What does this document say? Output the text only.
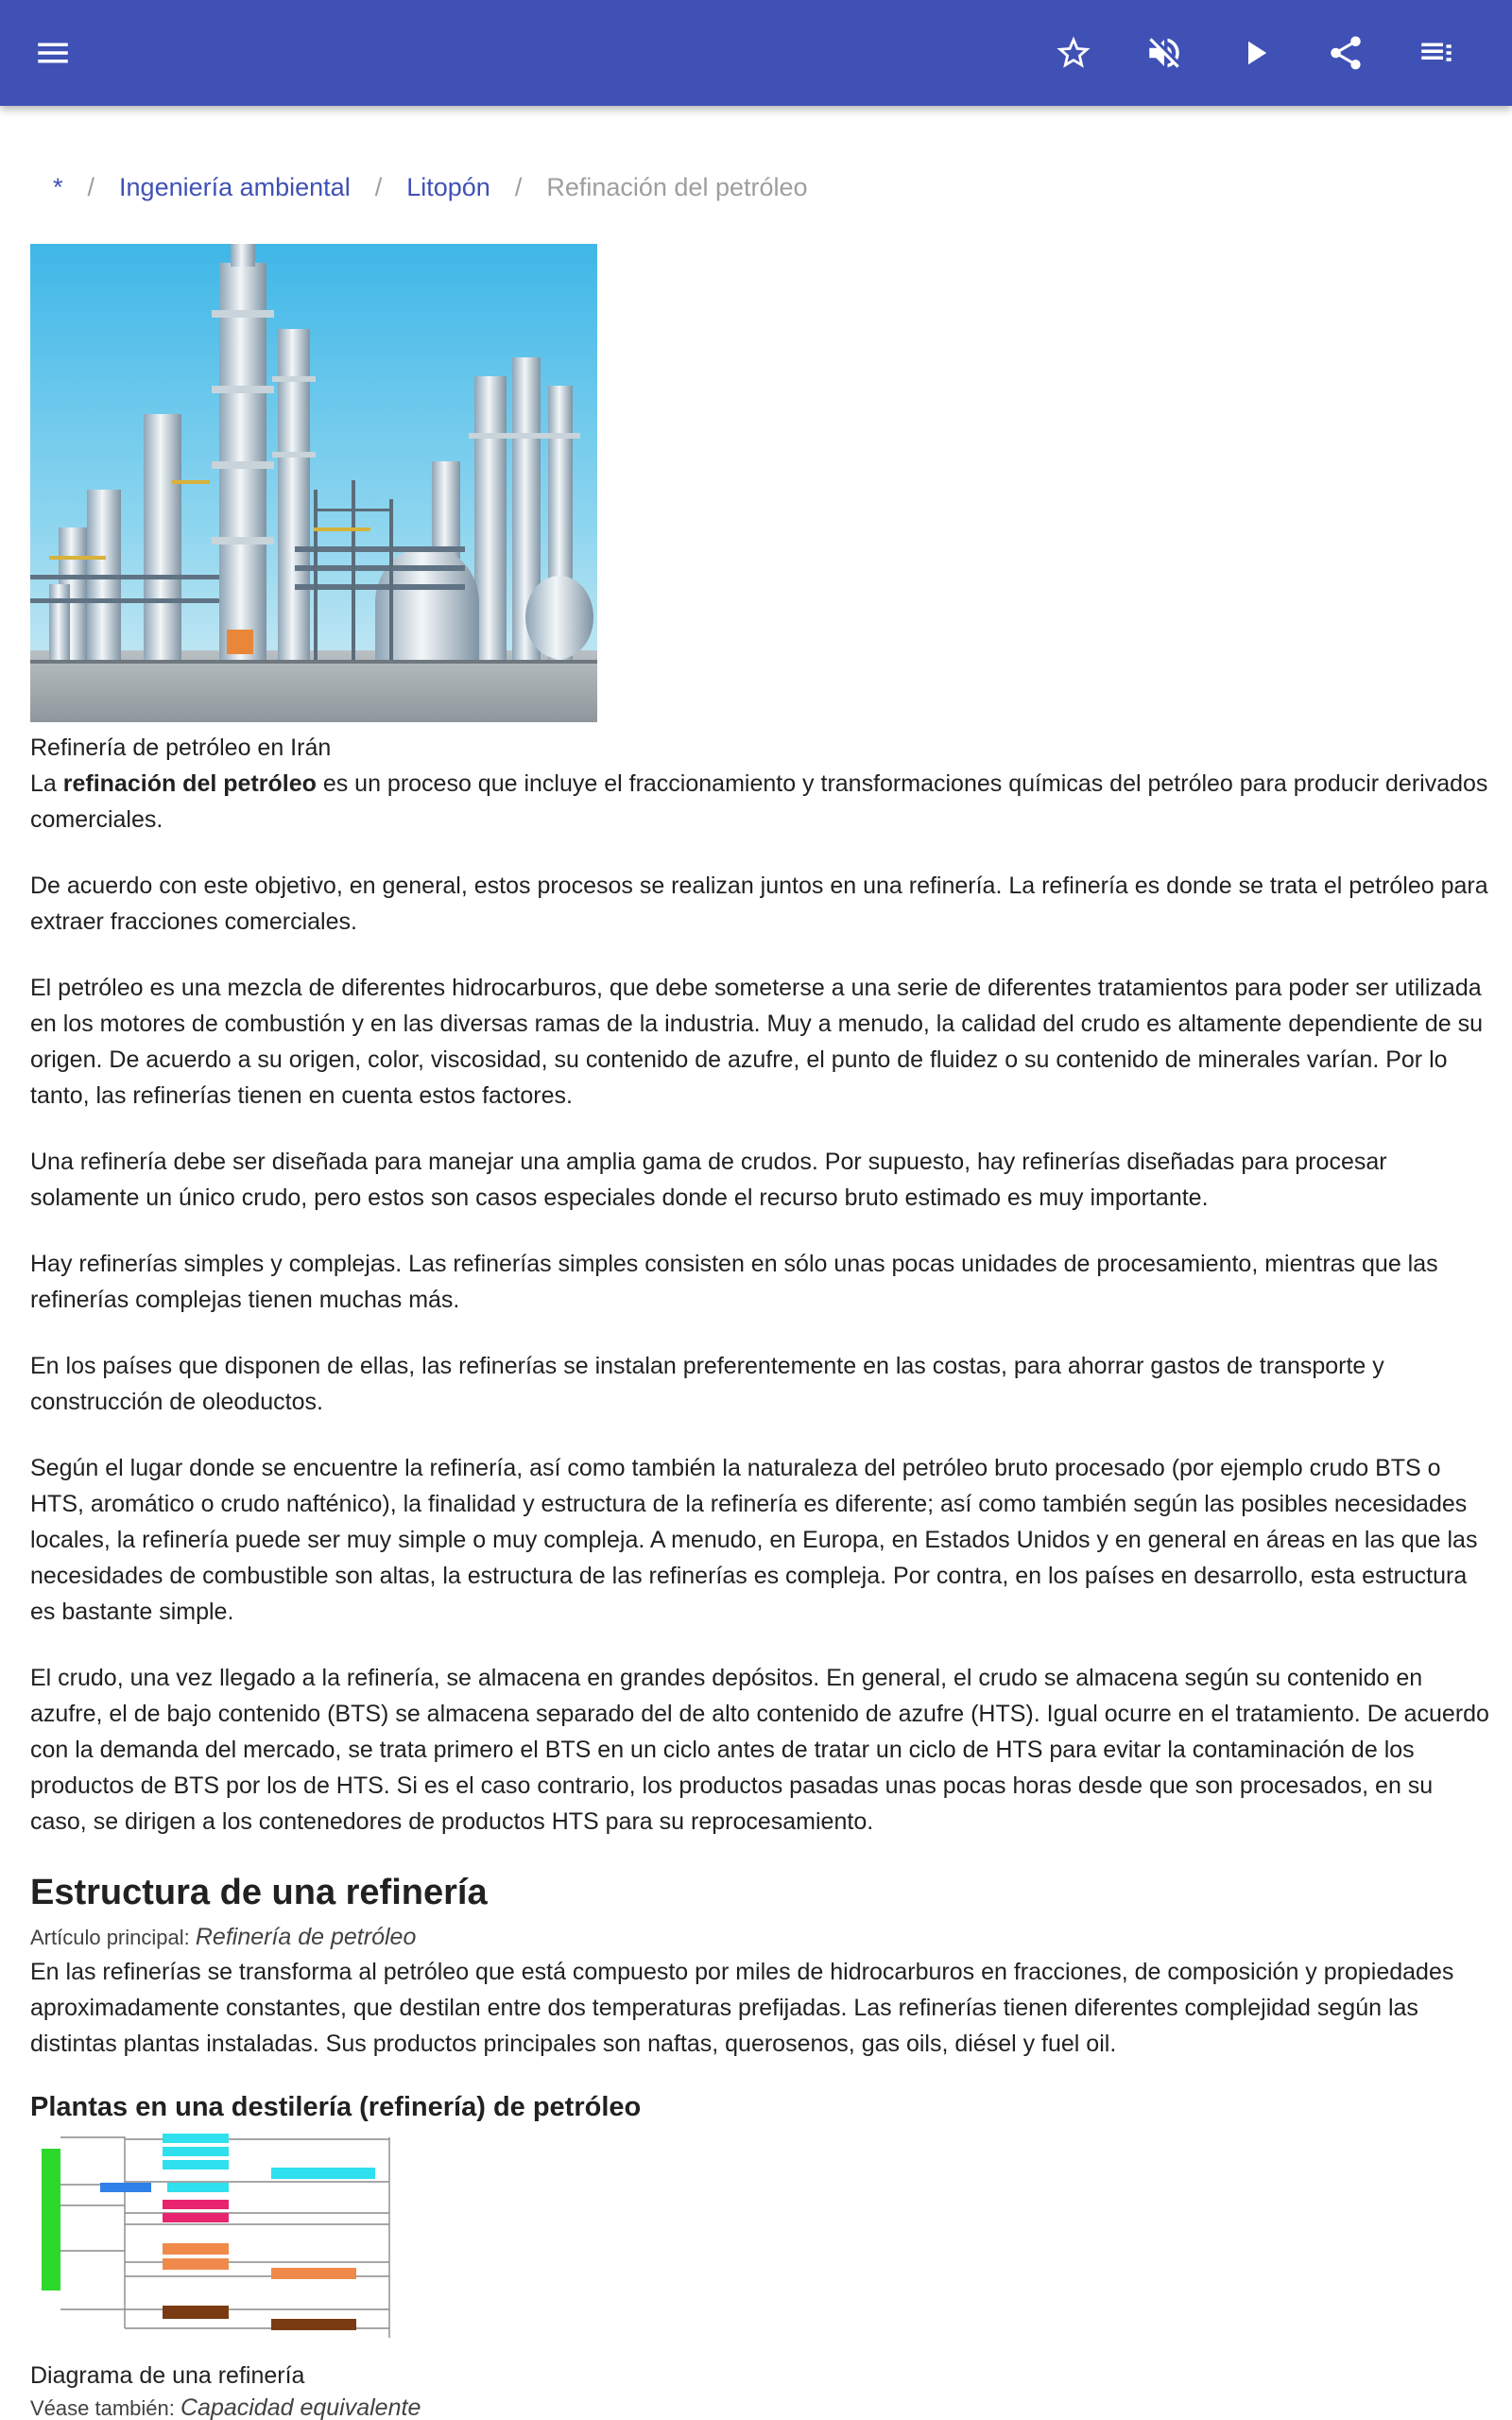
* / Ingeniería ambiental / Litopón / Refinación del petróleo
Refinería de petróleo en Irán

La refinación del petróleo es un proceso que incluye el fraccionamiento y transformaciones químicas del petróleo para producir derivados comerciales.

De acuerdo con este objetivo, en general, estos procesos se realizan juntos en una refinería. La refinería es donde se trata el petróleo para extraer fracciones comerciales.

El petróleo es una mezcla de diferentes hidrocarburos, que debe someterse a una serie de diferentes tratamientos para poder ser utilizada en los motores de combustión y en las diversas ramas de la industria. Muy a menudo, la calidad del crudo es altamente dependiente de su origen. De acuerdo a su origen, color, viscosidad, su contenido de azufre, el punto de fluidez o su contenido de minerales varían. Por lo tanto, las refinerías tienen en cuenta estos factores.

Una refinería debe ser diseñada para manejar una amplia gama de crudos. Por supuesto, hay refinerías diseñadas para procesar solamente un único crudo, pero estos son casos especiales donde el recurso bruto estimado es muy importante.

Hay refinerías simples y complejas. Las refinerías simples consisten en sólo unas pocas unidades de procesamiento, mientras que las refinerías complejas tienen muchas más.

En los países que disponen de ellas, las refinerías se instalan preferentemente en las costas, para ahorrar gastos de transporte y construcción de oleoductos.

Según el lugar donde se encuentre la refinería, así como también la naturaleza del petróleo bruto procesado (por ejemplo crudo BTS o HTS, aromático o crudo nafténico), la finalidad y estructura de la refinería es diferente; así como también según las posibles necesidades locales, la refinería puede ser muy simple o muy compleja. A menudo, en Europa, en Estados Unidos y en general en áreas en las que las necesidades de combustible son altas, la estructura de las refinerías es compleja. Por contra, en los países en desarrollo, esta estructura es bastante simple.

El crudo, una vez llegado a la refinería, se almacena en grandes depósitos. En general, el crudo se almacena según su contenido en azufre, el de bajo contenido (BTS) se almacena separado del de alto contenido de azufre (HTS). Igual ocurre en el tratamiento. De acuerdo con la demanda del mercado, se trata primero el BTS en un ciclo antes de tratar un ciclo de HTS para evitar la contaminación de los productos de BTS por los de HTS. Si es el caso contrario, los productos pasadas unas pocas horas desde que son procesados, en su caso, se dirigen a los contenedores de productos HTS para su reprocesamiento.

Estructura de una refinería
Artículo principal: Refinería de petróleo
En las refinerías se transforma al petróleo que está compuesto por miles de hidrocarburos en fracciones, de composición y propiedades aproximadamente constantes, que destilan entre dos temperaturas prefijadas. Las refinerías tienen diferentes complejidad según las distintas plantas instaladas. Sus productos principales son naftas, querosenos, gas oils, diésel y fuel oil.
Plantas en una destilería (refinería) de petróleo
Diagrama de una refinería
Véase también: Capacidad equivalente
